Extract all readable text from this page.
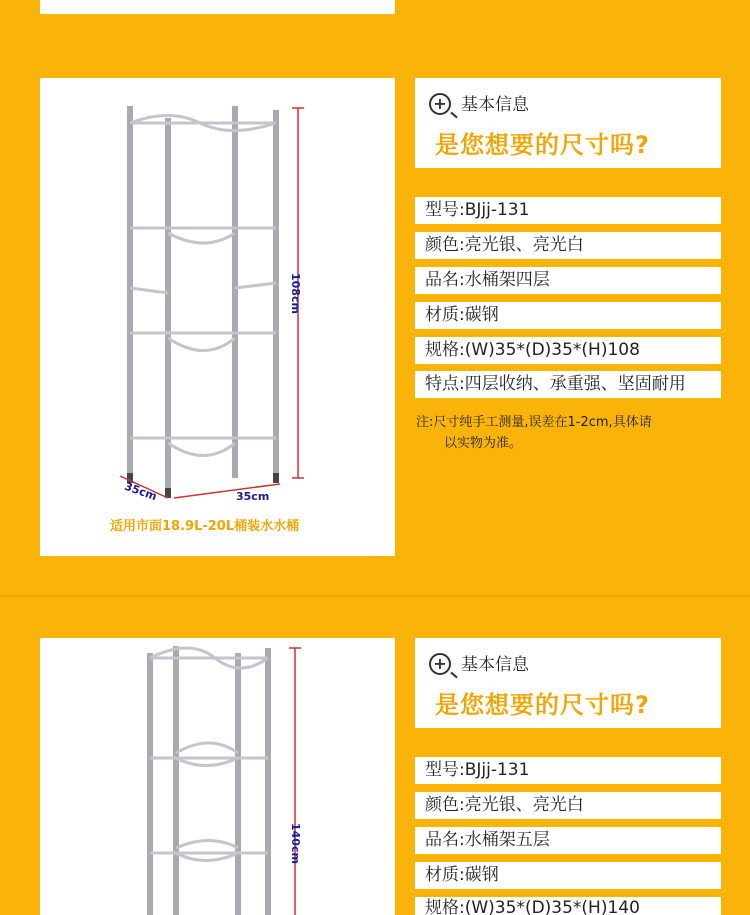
108cm
35cm	35cm
适用市面18.9L-20L桶装水水桶
+ 基本信息
是您想要的尺寸吗?
型号:BJjj-131
颜色:亮光银、亮光白
品名:水桶架四层
材质:碳钢
规格:(W)35*(D)35*(H)108
特点:四层收纳、承重强、坚固耐用
注:尺寸纯手工测量,误差在1-2cm,具体请
以实物为准。
140cm
+ 基本信息
是您想要的尺寸吗?
型号:BJjj-131
颜色:亮光银、亮光白
品名:水桶架五层
材质:碳钢
规格:(W)35*(D)35*(H)140
